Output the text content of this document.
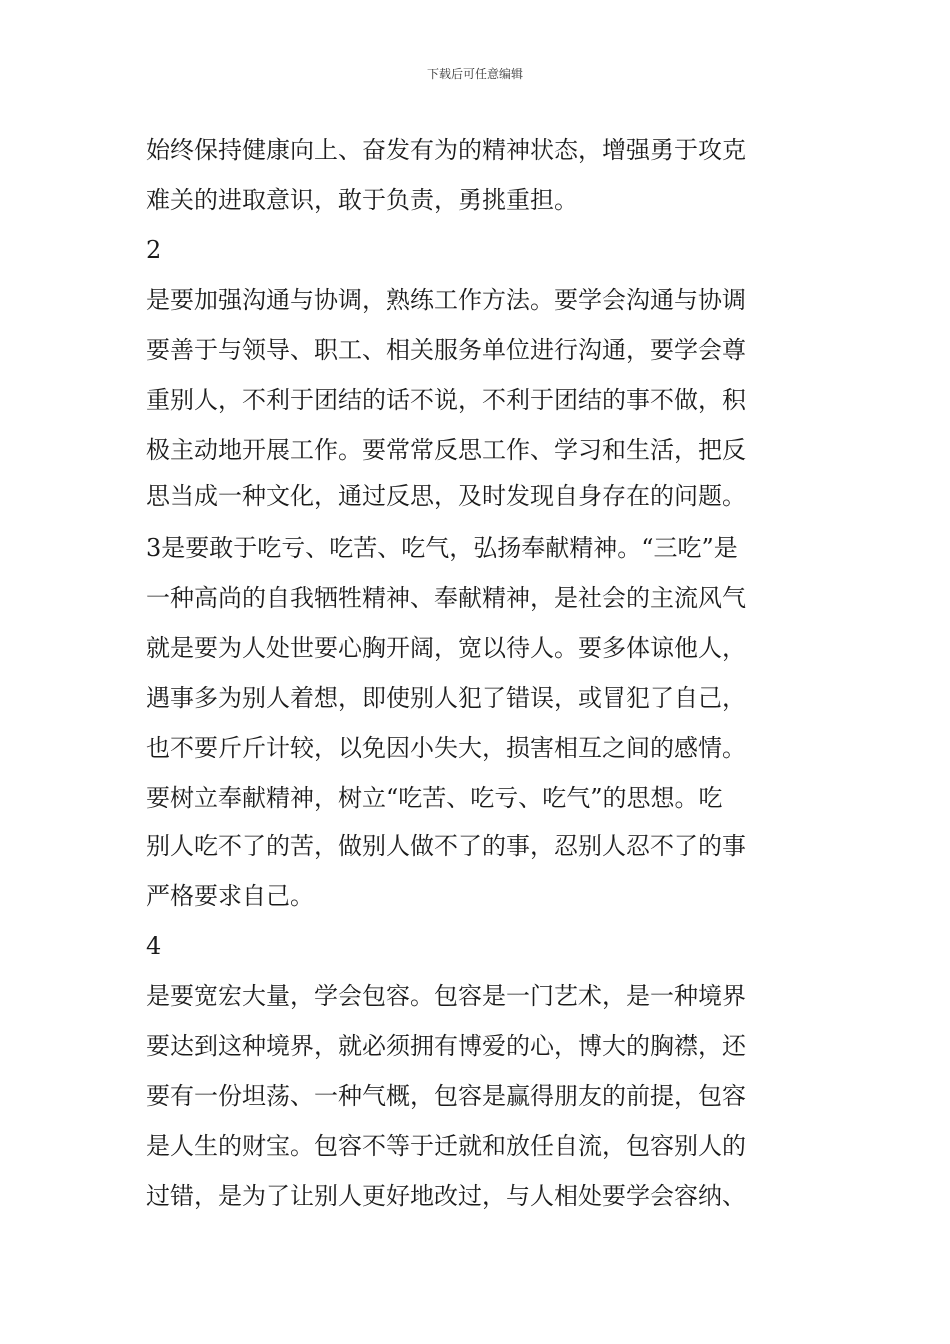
下载后可任意编辑
始终保持健康向上、奋发有为的精神状态，增强勇于攻克
难关的进取意识，敢于负责，勇挑重担。
2
是要加强沟通与协调，熟练工作方法。要学会沟通与协调
要善于与领导、职工、相关服务单位进行沟通，要学会尊
重别人，不利于团结的话不说，不利于团结的事不做，积
极主动地开展工作。要常常反思工作、学习和生活，把反
思当成一种文化，通过反思，及时发现自身存在的问题。
3是要敢于吃亏、吃苦、吃气，弘扬奉献精神。“三吃”是
一种高尚的自我牺牲精神、奉献精神，是社会的主流风气
就是要为人处世要心胸开阔，宽以待人。要多体谅他人，
遇事多为别人着想，即使别人犯了错误，或冒犯了自己，
也不要斤斤计较，以免因小失大，损害相互之间的感情。
要树立奉献精神，树立“吃苦、吃亏、吃气”的思想。吃
别人吃不了的苦，做别人做不了的事，忍别人忍不了的事
严格要求自己。
4
是要宽宏大量，学会包容。包容是一门艺术，是一种境界
要达到这种境界，就必须拥有博爱的心，博大的胸襟，还
要有一份坦荡、一种气概，包容是赢得朋友的前提，包容
是人生的财宝。包容不等于迁就和放任自流，包容别人的
过错，是为了让别人更好地改过，与人相处要学会容纳、
